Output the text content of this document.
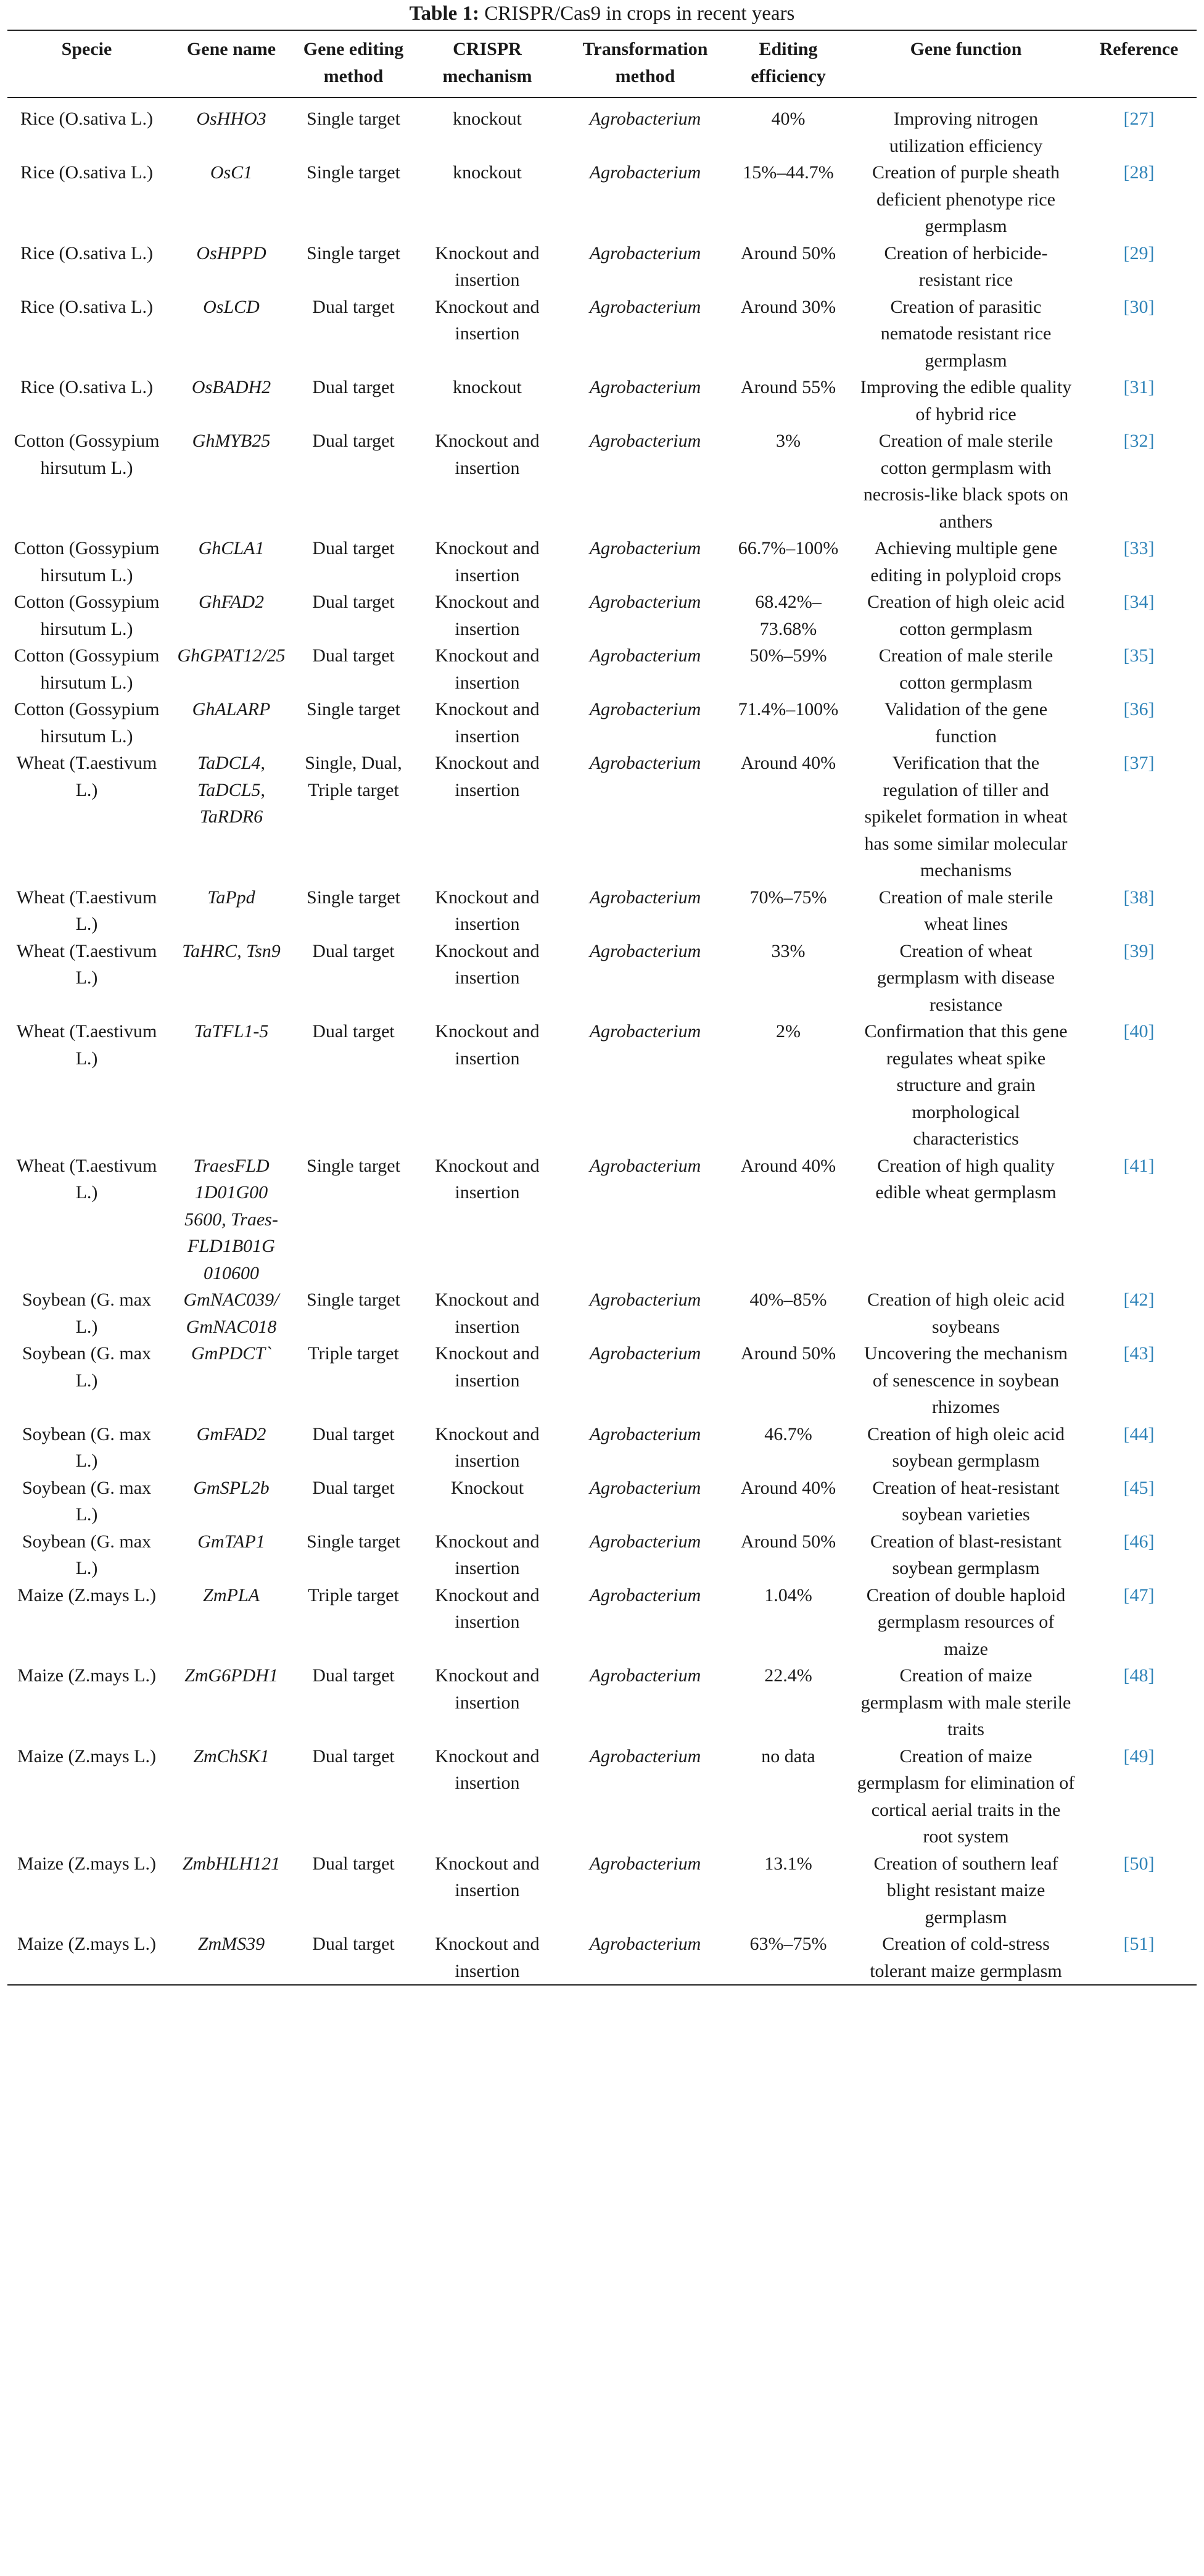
Table 1: CRISPR/Cas9 in crops in recent years
Specie	Gene name	Gene editing method	CRISPR mechanism	Transformation method	Editing efficiency	Gene function	Reference
Rice (O.sativa L.)	OsHHO3	Single target	knockout	Agrobacterium	40%	Improving nitrogen utilization efficiency	[27]
Rice (O.sativa L.)	OsC1	Single target	knockout	Agrobacterium	15%–44.7%	Creation of purple sheath deficient phenotype rice germplasm	[28]
Rice (O.sativa L.)	OsHPPD	Single target	Knockout and insertion	Agrobacterium	Around 50%	Creation of herbicide-resistant rice	[29]
Rice (O.sativa L.)	OsLCD	Dual target	Knockout and insertion	Agrobacterium	Around 30%	Creation of parasitic nematode resistant rice germplasm	[30]
Rice (O.sativa L.)	OsBADH2	Dual target	knockout	Agrobacterium	Around 55%	Improving the edible quality of hybrid rice	[31]
Cotton (Gossypium hirsutum L.)	GhMYB25	Dual target	Knockout and insertion	Agrobacterium	3%	Creation of male sterile cotton germplasm with necrosis-like black spots on anthers	[32]
Cotton (Gossypium hirsutum L.)	GhCLA1	Dual target	Knockout and insertion	Agrobacterium	66.7%–100%	Achieving multiple gene editing in polyploid crops	[33]
Cotton (Gossypium hirsutum L.)	GhFAD2	Dual target	Knockout and insertion	Agrobacterium	68.42%–73.68%	Creation of high oleic acid cotton germplasm	[34]
Cotton (Gossypium hirsutum L.)	GhGPAT12/25	Dual target	Knockout and insertion	Agrobacterium	50%–59%	Creation of male sterile cotton germplasm	[35]
Cotton (Gossypium hirsutum L.)	GhALARP	Single target	Knockout and insertion	Agrobacterium	71.4%–100%	Validation of the gene function	[36]
Wheat (T.aestivum L.)	TaDCL4, TaDCL5, TaRDR6	Single, Dual, Triple target	Knockout and insertion	Agrobacterium	Around 40%	Verification that the regulation of tiller and spikelet formation in wheat has some similar molecular mechanisms	[37]
Wheat (T.aestivum L.)	TaPpd	Single target	Knockout and insertion	Agrobacterium	70%–75%	Creation of male sterile wheat lines	[38]
Wheat (T.aestivum L.)	TaHRC, Tsn9	Dual target	Knockout and insertion	Agrobacterium	33%	Creation of wheat germplasm with disease resistance	[39]
Wheat (T.aestivum L.)	TaTFL1-5	Dual target	Knockout and insertion	Agrobacterium	2%	Confirmation that this gene regulates wheat spike structure and grain morphological characteristics	[40]
Wheat (T.aestivum L.)	TraesFLD 1D01G00 5600, Traes-FLD1B01G 010600	Single target	Knockout and insertion	Agrobacterium	Around 40%	Creation of high quality edible wheat germplasm	[41]
Soybean (G. max L.)	GmNAC039/ GmNAC018	Single target	Knockout and insertion	Agrobacterium	40%–85%	Creation of high oleic acid soybeans	[42]
Soybean (G. max L.)	GmPDCT`	Triple target	Knockout and insertion	Agrobacterium	Around 50%	Uncovering the mechanism of senescence in soybean rhizomes	[43]
Soybean (G. max L.)	GmFAD2	Dual target	Knockout and insertion	Agrobacterium	46.7%	Creation of high oleic acid soybean germplasm	[44]
Soybean (G. max L.)	GmSPL2b	Dual target	Knockout	Agrobacterium	Around 40%	Creation of heat-resistant soybean varieties	[45]
Soybean (G. max L.)	GmTAP1	Single target	Knockout and insertion	Agrobacterium	Around 50%	Creation of blast-resistant soybean germplasm	[46]
Maize (Z.mays L.)	ZmPLA	Triple target	Knockout and insertion	Agrobacterium	1.04%	Creation of double haploid germplasm resources of maize	[47]
Maize (Z.mays L.)	ZmG6PDH1	Dual target	Knockout and insertion	Agrobacterium	22.4%	Creation of maize germplasm with male sterile traits	[48]
Maize (Z.mays L.)	ZmChSK1	Dual target	Knockout and insertion	Agrobacterium	no data	Creation of maize germplasm for elimination of cortical aerial traits in the root system	[49]
Maize (Z.mays L.)	ZmbHLH121	Dual target	Knockout and insertion	Agrobacterium	13.1%	Creation of southern leaf blight resistant maize germplasm	[50]
Maize (Z.mays L.)	ZmMS39	Dual target	Knockout and insertion	Agrobacterium	63%–75%	Creation of cold-stress tolerant maize germplasm	[51]
